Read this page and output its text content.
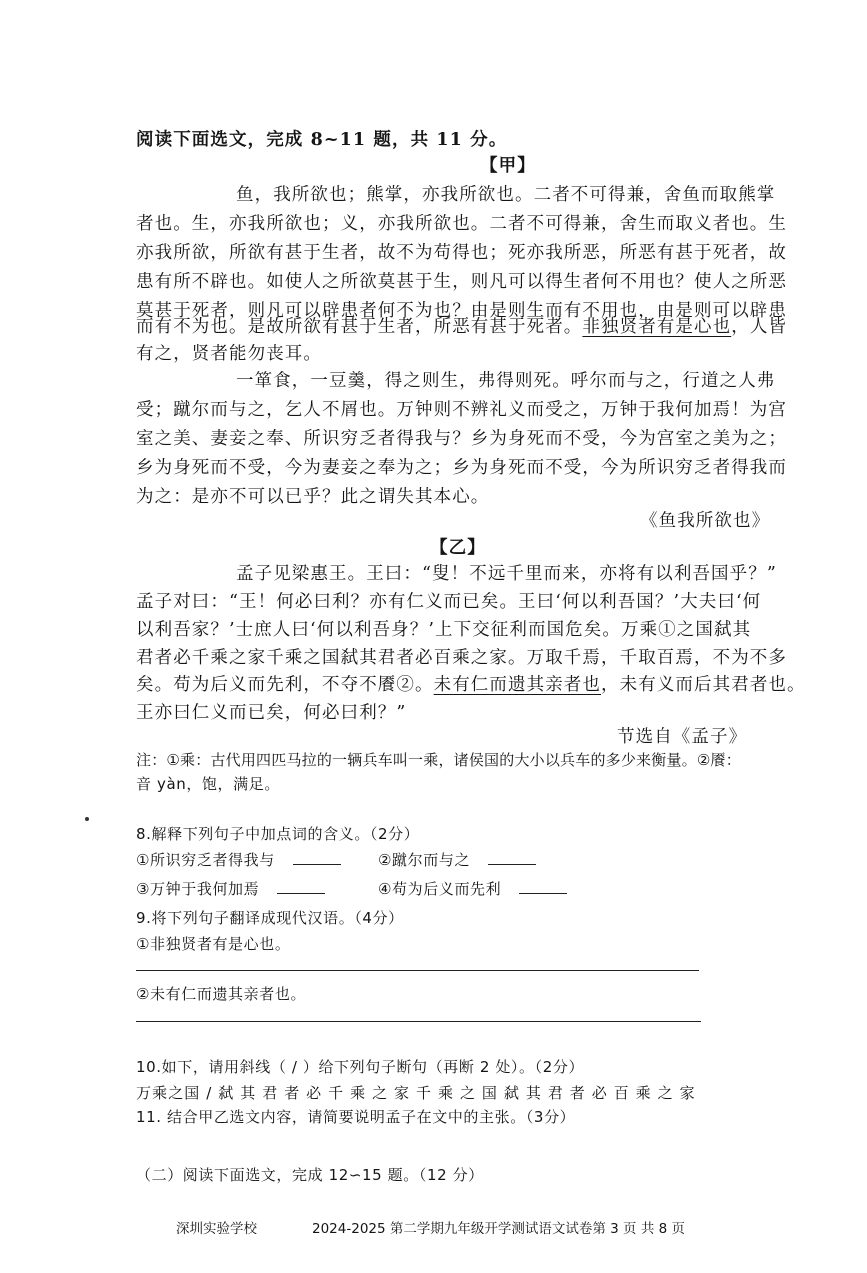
阅读下面选文，完成 8~11 题，共 11 分。
【甲】
鱼，我所欲也；熊掌，亦我所欲也。二者不可得兼，舍鱼而取熊掌
者也。生，亦我所欲也；义，亦我所欲也。二者不可得兼，舍生而取义者也。生
亦我所欲，所欲有甚于生者，故不为苟得也；死亦我所恶，所恶有甚于死者，故
患有所不辟也。如使人之所欲莫甚于生，则凡可以得生者何不用也？使人之所恶
莫甚于死者，则凡可以辟患者何不为也？由是则生而有不用也，由是则可以辟患
而有不为也。是故所欲有甚于生者，所恶有甚于死者。非独贤者有是心也，人皆
有之，贤者能勿丧耳。
一箪食，一豆羹，得之则生，弗得则死。呼尔而与之，行道之人弗
受；蹴尔而与之，乞人不屑也。万钟则不辨礼义而受之，万钟于我何加焉！为宫
室之美、妻妾之奉、所识穷乏者得我与？乡为身死而不受，今为宫室之美为之；
乡为身死而不受，今为妻妾之奉为之；乡为身死而不受，今为所识穷乏者得我而
为之：是亦不可以已乎？此之谓失其本心。
《鱼我所欲也》
【乙】
孟子见梁惠王。王曰：“叟！不远千里而来，亦将有以利吾国乎？”
孟子对曰：“王！何必曰利？亦有仁义而已矣。王曰‘何以利吾国？’大夫曰‘何
以利吾家？’士庶人曰‘何以利吾身？’上下交征利而国危矣。万乘①之国弑其
君者必千乘之家千乘之国弑其君者必百乘之家。万取千焉，千取百焉，不为不多
矣。苟为后义而先利，不夺不餍②。未有仁而遗其亲者也，未有义而后其君者也。
王亦曰仁义而已矣，何必曰利？”
节选自《孟子》
注：①乘：古代用四匹马拉的一辆兵车叫一乘，诸侯国的大小以兵车的多少来衡量。②餍：
音 yàn，饱，满足。
8.解释下列句子中加点词的含义。（2分）
①所识穷乏者得我与	②蹴尔而与之
③万钟于我何加焉	④苟为后义而先利
9.将下列句子翻译成现代汉语。（4分）
①非独贤者有是心也。
②未有仁而遗其亲者也。
10.如下，请用斜线（ / ）给下列句子断句（再断 2 处）。（2分）
万乘之国 / 弑 其 君 者 必 千 乘 之 家 千 乘 之 国 弑 其 君 者 必 百 乘 之 家
11. 结合甲乙选文内容，请简要说明孟子在文中的主张。（3分）
（二）阅读下面选文，完成 12∽15 题。（12 分）
深圳实验学校	2024-2025 第二学期九年级开学测试语文试卷第 3 页 共 8 页
